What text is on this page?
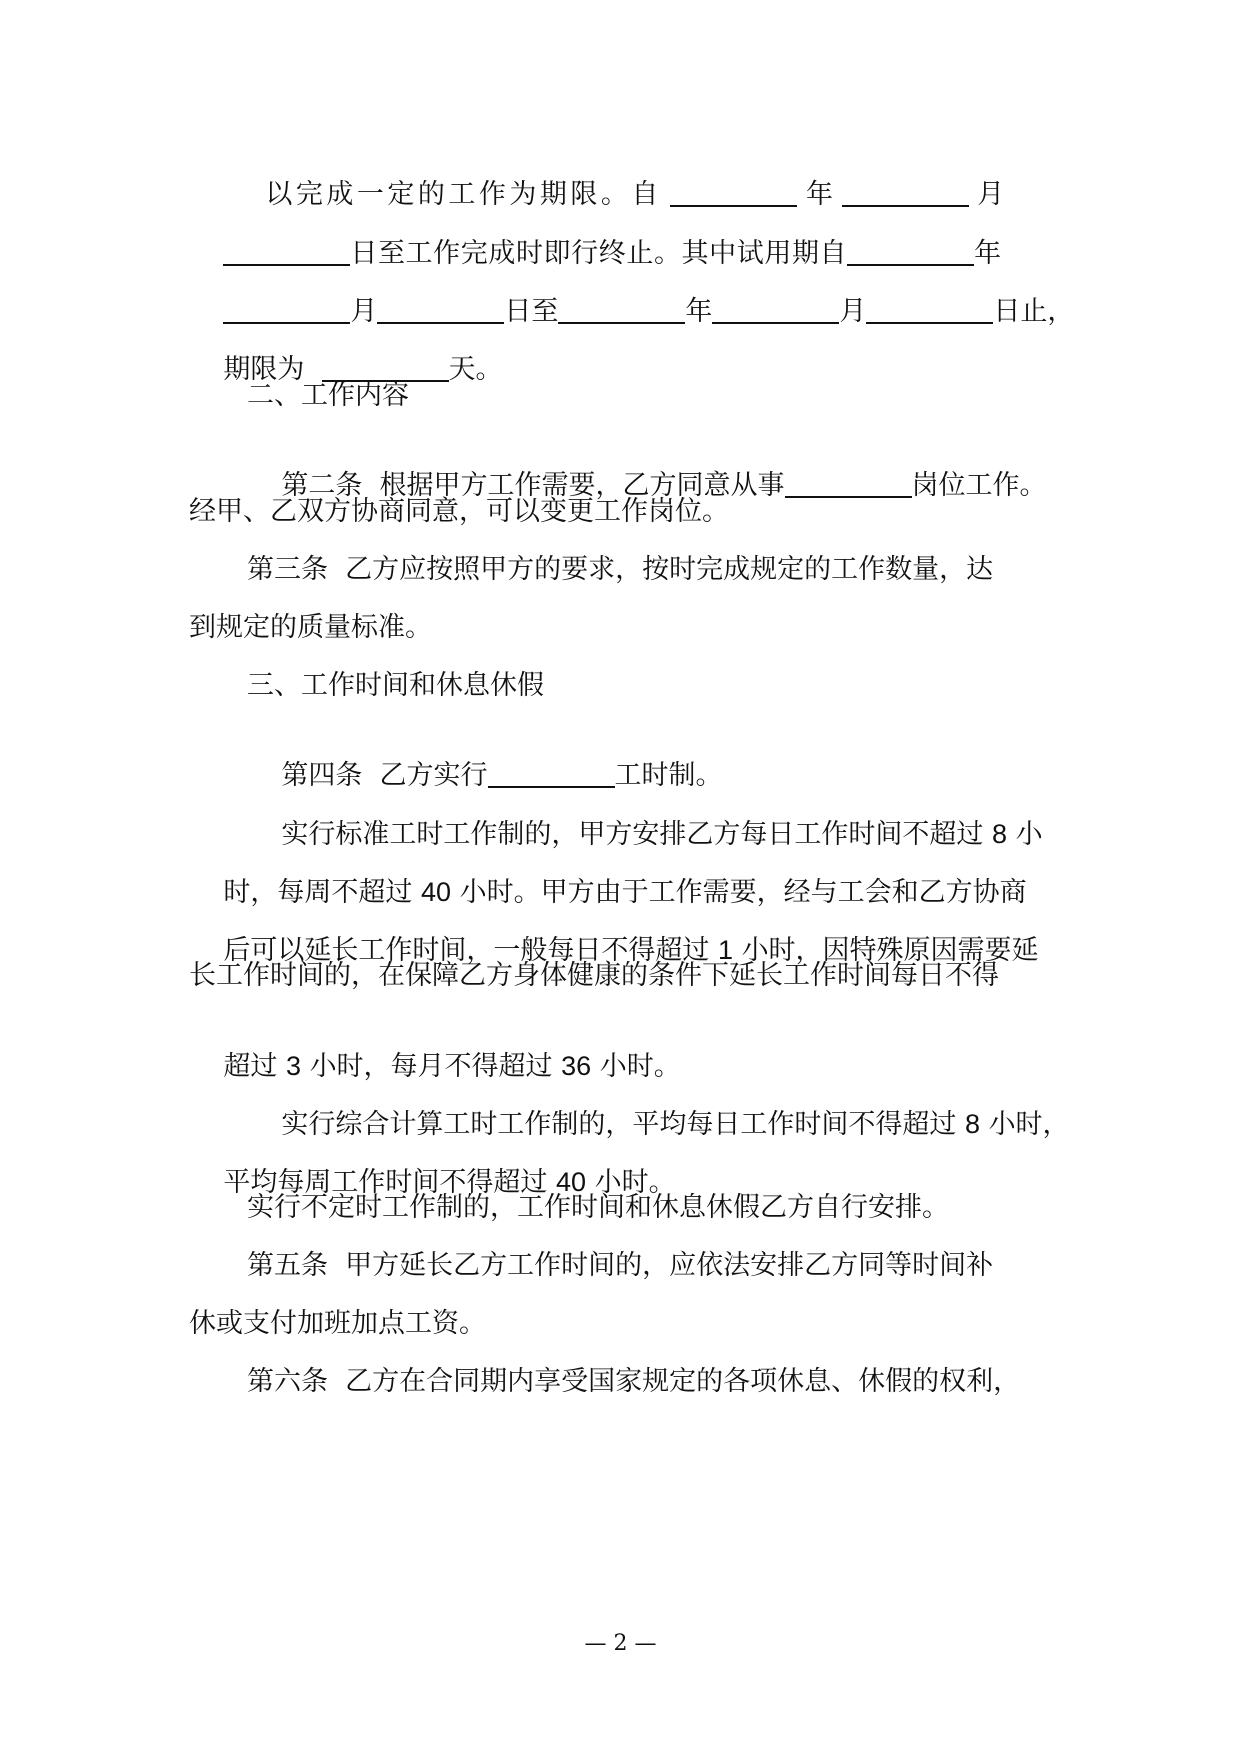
以完成一定的工作为期限。自	年	月

日至工作完成时即行终止。其中试用期自	年

月	日至	年	月	日止，

期限为	天。

二、工作内容

第二条  根据甲方工作需要，乙方同意从事	岗位工作。

经甲、乙双方协商同意，可以变更工作岗位。
第三条  乙方应按照甲方的要求，按时完成规定的工作数量，达
到规定的质量标准。
三、工作时间和休息休假

第四条  乙方实行	工时制。

实行标准工时工作制的，甲方安排乙方每日工作时间不超过 8 小

时，每周不超过 40 小时。甲方由于工作需要，经与工会和乙方协商

后可以延长工作时间，一般每日不得超过 1 小时，因特殊原因需要延

长工作时间的，在保障乙方身体健康的条件下延长工作时间每日不得

超过 3 小时，每月不得超过 36 小时。

实行综合计算工时工作制的，平均每日工作时间不得超过 8 小时，

平均每周工作时间不得超过 40 小时。

实行不定时工作制的，工作时间和休息休假乙方自行安排。
第五条  甲方延长乙方工作时间的，应依法安排乙方同等时间补
休或支付加班加点工资。
第六条  乙方在合同期内享受国家规定的各项休息、休假的权利，
— 2 —
